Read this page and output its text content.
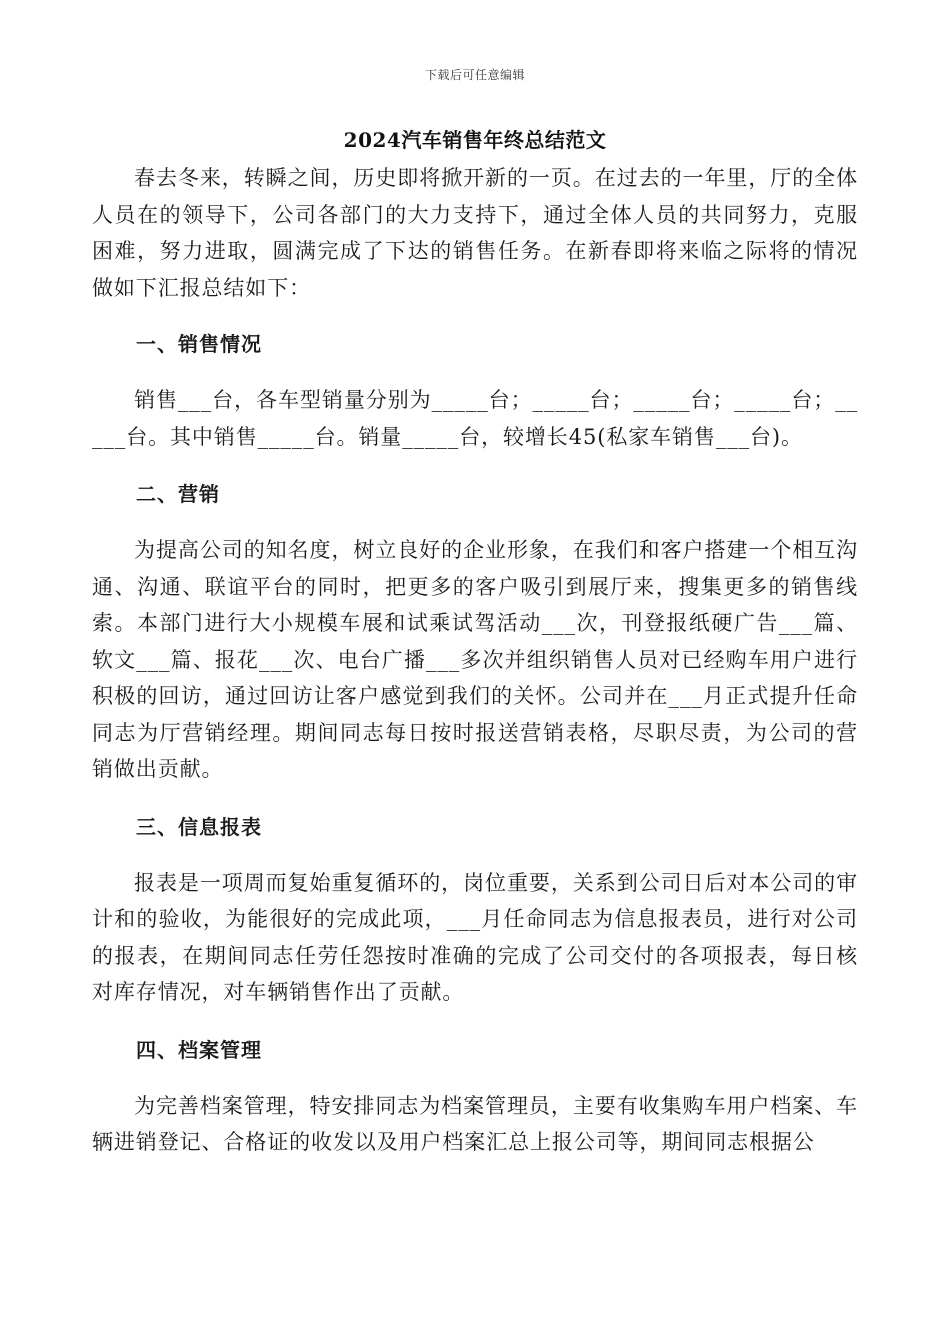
下载后可任意编辑
2024汽车销售年终总结范文

春去冬来，转瞬之间，历史即将掀开新的一页。在过去的一年里，厅的全体人员在的领导下，公司各部门的大力支持下，通过全体人员的共同努力，克服困难，努力进取，圆满完成了下达的销售任务。在新春即将来临之际将的情况做如下汇报总结如下：

一、销售情况

销售___台，各车型销量分别为_____台；_____台；_____台；_____台；_____台。其中销售_____台。销量_____台，较增长45(私家车销售___台)。

二、营销

为提高公司的知名度，树立良好的企业形象，在我们和客户搭建一个相互沟通、沟通、联谊平台的同时，把更多的客户吸引到展厅来，搜集更多的销售线索。本部门进行大小规模车展和试乘试驾活动___次，刊登报纸硬广告___篇、软文___篇、报花___次、电台广播___多次并组织销售人员对已经购车用户进行积极的回访，通过回访让客户感觉到我们的关怀。公司并在___月正式提升任命同志为厅营销经理。期间同志每日按时报送营销表格，尽职尽责，为公司的营销做出贡献。

三、信息报表

报表是一项周而复始重复循环的，岗位重要，关系到公司日后对本公司的审计和的验收，为能很好的完成此项，___月任命同志为信息报表员，进行对公司的报表，在期间同志任劳任怨按时准确的完成了公司交付的各项报表，每日核对库存情况，对车辆销售作出了贡献。

四、档案管理

为完善档案管理，特安排同志为档案管理员，主要有收集购车用户档案、车辆进销登记、合格证的收发以及用户档案汇总上报公司等，期间同志根据公
